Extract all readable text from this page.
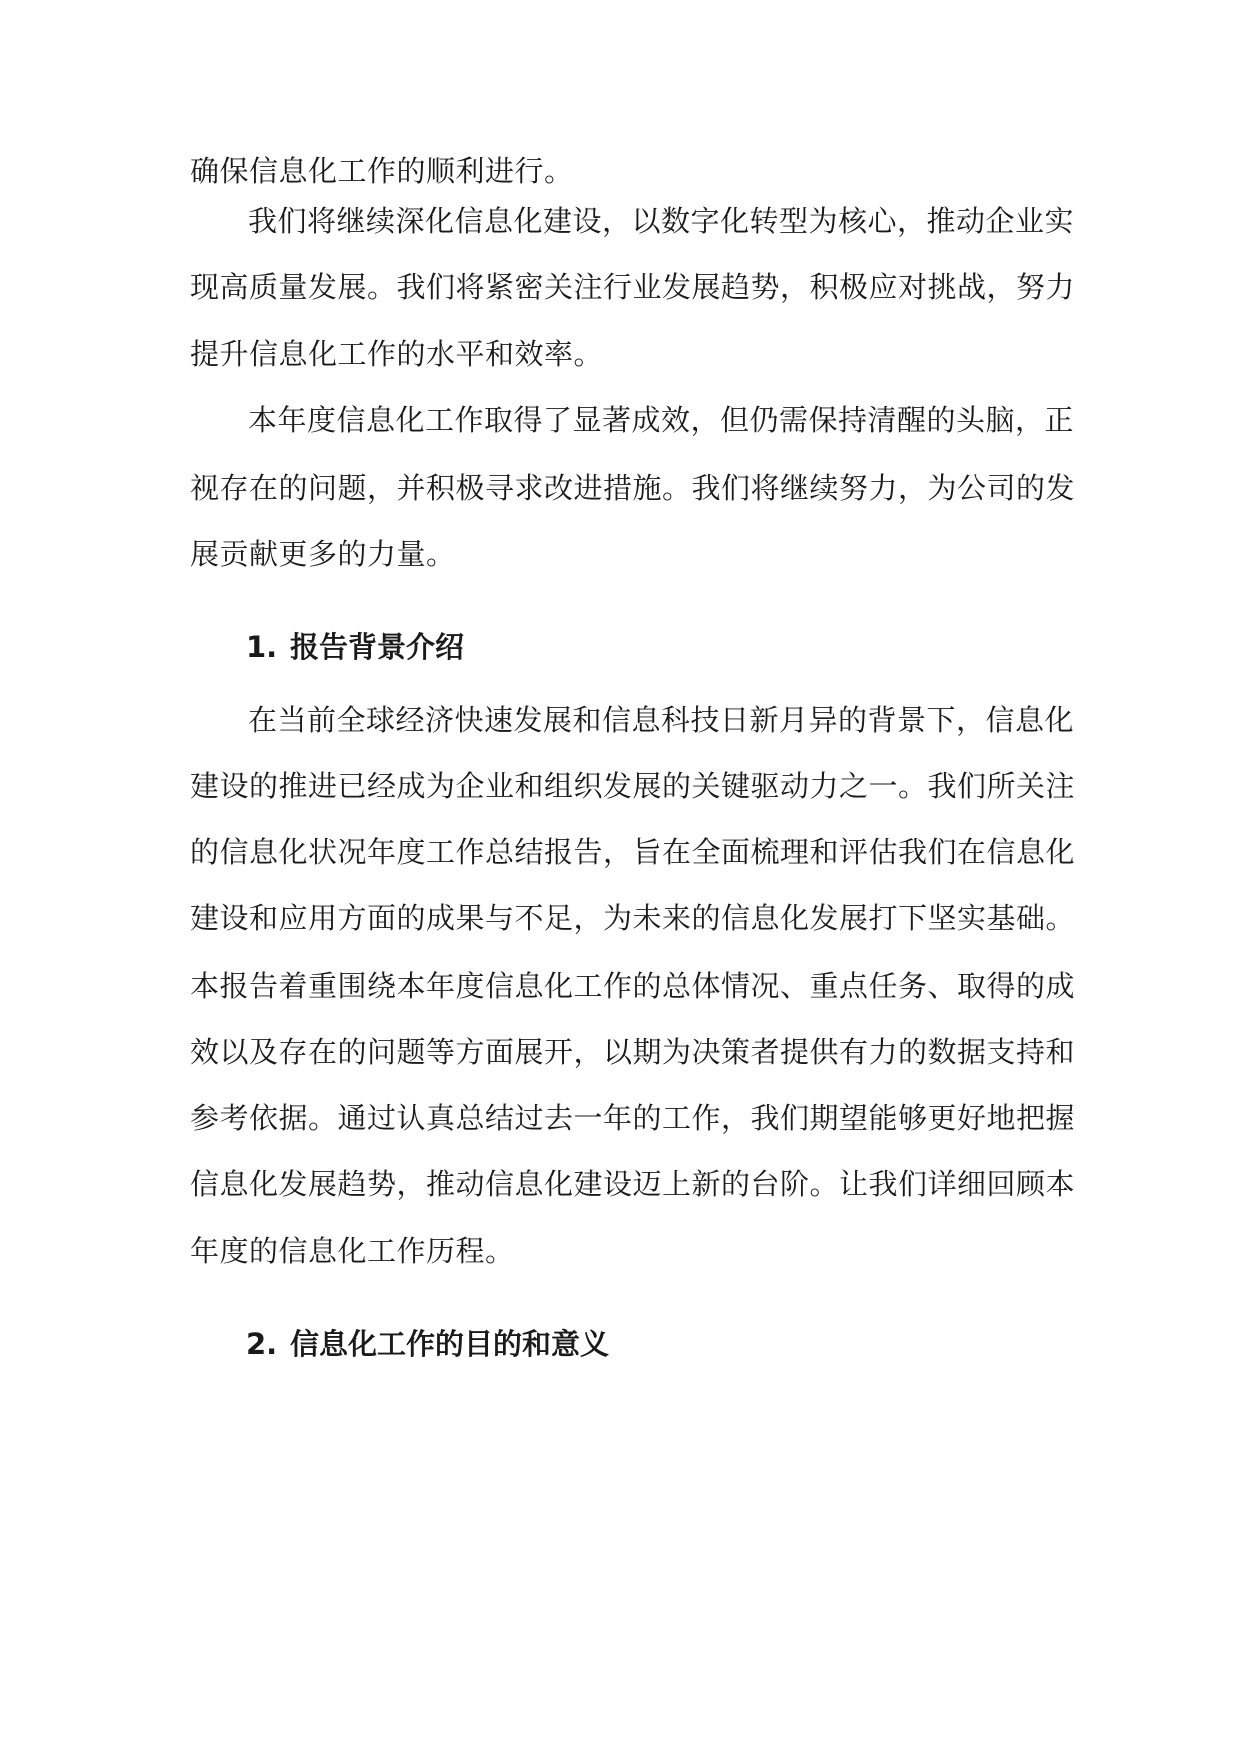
确保信息化工作的顺利进行。
我们将继续深化信息化建设，以数字化转型为核心，推动企业实
现高质量发展。我们将紧密关注行业发展趋势，积极应对挑战，努力
提升信息化工作的水平和效率。
本年度信息化工作取得了显著成效，但仍需保持清醒的头脑，正
视存在的问题，并积极寻求改进措施。我们将继续努力，为公司的发
展贡献更多的力量。
1. 报告背景介绍
在当前全球经济快速发展和信息科技日新月异的背景下，信息化
建设的推进已经成为企业和组织发展的关键驱动力之一。我们所关注
的信息化状况年度工作总结报告，旨在全面梳理和评估我们在信息化
建设和应用方面的成果与不足，为未来的信息化发展打下坚实基础。
本报告着重围绕本年度信息化工作的总体情况、重点任务、取得的成
效以及存在的问题等方面展开，以期为决策者提供有力的数据支持和
参考依据。通过认真总结过去一年的工作，我们期望能够更好地把握
信息化发展趋势，推动信息化建设迈上新的台阶。让我们详细回顾本
年度的信息化工作历程。
2. 信息化工作的目的和意义
